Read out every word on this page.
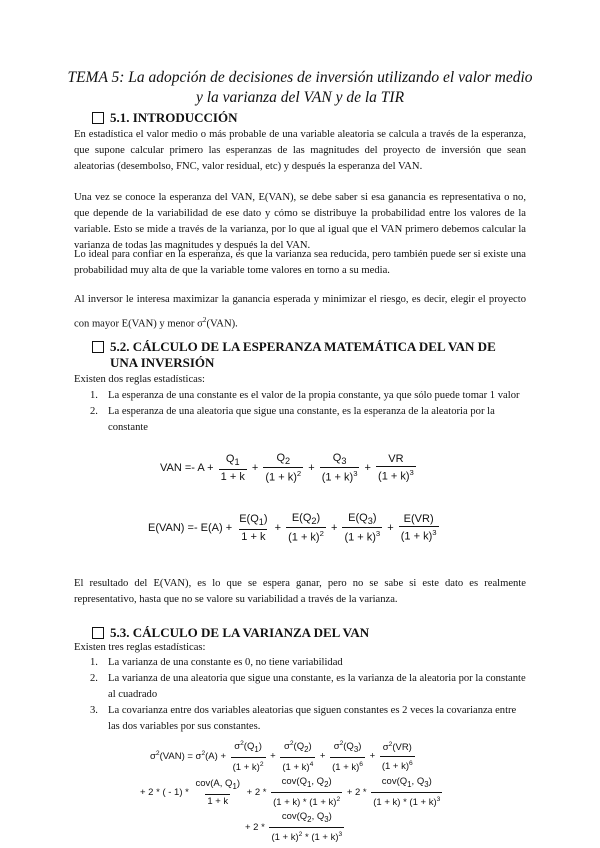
TEMA 5: La adopción de decisiones de inversión utilizando el valor medio
y la varianza del VAN y de la TIR
5.1. INTRODUCCIÓN
En estadística el valor medio o más probable de una variable aleatoria se calcula a través de la esperanza, que supone calcular primero las esperanzas de las magnitudes del proyecto de inversión que sean aleatorias (desembolso, FNC, valor residual, etc) y después la esperanza del VAN.
Una vez se conoce la esperanza del VAN, E(VAN), se debe saber si esa ganancia es representativa o no, que depende de la variabilidad de ese dato y cómo se distribuye la probabilidad entre los valores de la variable. Esto se mide a través de la varianza, por lo que al igual que el VAN primero debemos calcular la varianza de todas las magnitudes y después la del VAN.
Lo ideal para confiar en la esperanza, es que la varianza sea reducida, pero también puede ser si existe una probabilidad muy alta de que la variable tome valores en torno a su media.
Al inversor le interesa maximizar la ganancia esperada y minimizar el riesgo, es decir, elegir el proyecto con mayor E(VAN) y menor $\sigma^2(VAN)$.
5.2. CÁLCULO DE LA ESPERANZA MATEMÁTICA DEL VAN DE UNA INVERSIÓN
Existen dos reglas estadísticas:
1. La esperanza de una constante es el valor de la propia constante, ya que sólo puede tomar 1 valor
2. La esperanza de una aleatoria que sigue una constante, es la esperanza de la aleatoria por la constante
VAN =- $A + \frac{Q_1}{1 + k} + \frac{Q_2}{(1 + k)^2} + \frac{Q_3}{(1 + k)^3} + \frac{VR}{(1 + k)^3}$
$E(VAN) =- E(A) + \frac{E(Q_1)}{1 + k} + \frac{E(Q_2)}{(1 + k)^2} + \frac{E(Q_3)}{(1 + k)^3} + \frac{E(VR)}{(1 + k)^3}$
El resultado del E(VAN), es lo que se espera ganar, pero no se sabe si este dato es realmente representativo, hasta que no se valore su variabilidad a través de la varianza.
5.3. CÁLCULO DE LA VARIANZA DEL VAN
Existen tres reglas estadísticas:
1. La varianza de una constante es 0, no tiene variabilidad
2. La varianza de una aleatoria que sigue una constante, es la varianza de la aleatoria por la constante al cuadrado
3. La covarianza entre dos variables aleatorias que siguen constantes es 2 veces la covarianza entre las dos variables por sus constantes.
$\sigma^2(VAN) = \sigma^2(A) + \frac{\sigma^2(Q_1)}{(1 + k)^2} + \frac{\sigma^2(Q_2)}{(1 + k)^4} + \frac{\sigma^2(Q_3)}{(1 + k)^6} + \frac{\sigma^2(VR)}{(1 + k)^6}$
+ 2 * ( - $1) * \frac{cov(A, Q_1)}{1 + k} + 2 * \frac{cov(Q_1, Q_2)}{(1 + k) * (1 + k)^2} + 2 * \frac{cov(Q_1, Q_3)}{(1 + k) * (1 + k)^3}$
+ $2 * \frac{cov(Q_2, Q_3)}{(1 + k)^2 * (1 + k)^3}$
